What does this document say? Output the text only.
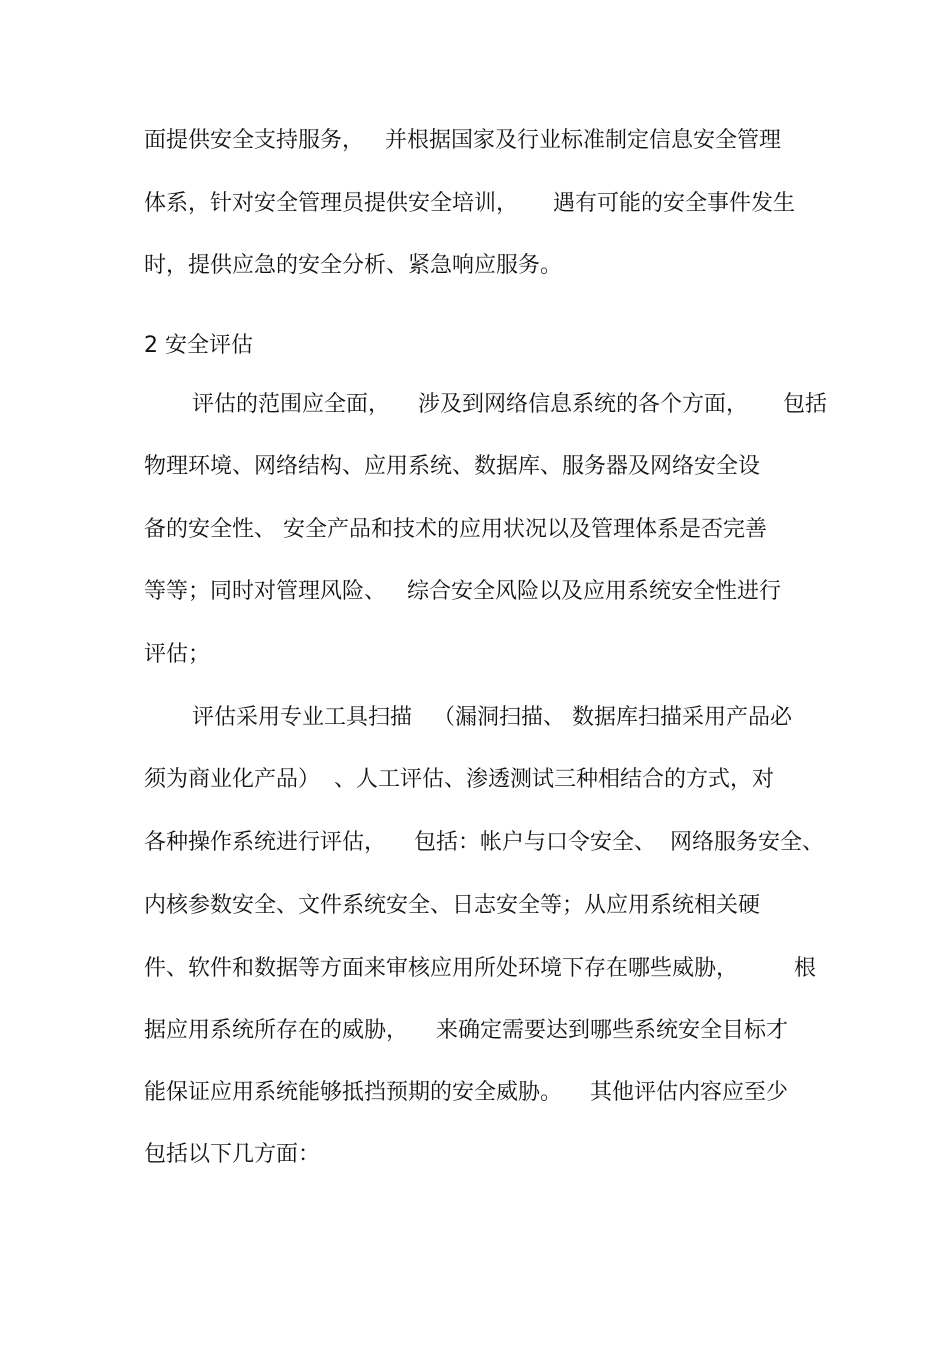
面提供安全支持服务，   并根据国家及行业标准制定信息安全管理
体系，针对安全管理员提供安全培训，     遇有可能的安全事件发生
时，提供应急的安全分析、紧急响应服务。
2 安全评估
评估的范围应全面，    涉及到网络信息系统的各个方面，     包括
物理环境、网络结构、应用系统、数据库、服务器及网络安全设
备的安全性、 安全产品和技术的应用状况以及管理体系是否完善
等等；同时对管理风险、   综合安全风险以及应用系统安全性进行
评估；
评估采用专业工具扫描   （漏洞扫描、 数据库扫描采用产品必
须为商业化产品）  、人工评估、渗透测试三种相结合的方式，对
各种操作系统进行评估，    包括：帐户与口令安全、  网络服务安全、
内核参数安全、文件系统安全、日志安全等；从应用系统相关硬
件、软件和数据等方面来审核应用所处环境下存在哪些威胁，        根
据应用系统所存在的威胁，    来确定需要达到哪些系统安全目标才
能保证应用系统能够抵挡预期的安全威胁。    其他评估内容应至少
包括以下几方面：
